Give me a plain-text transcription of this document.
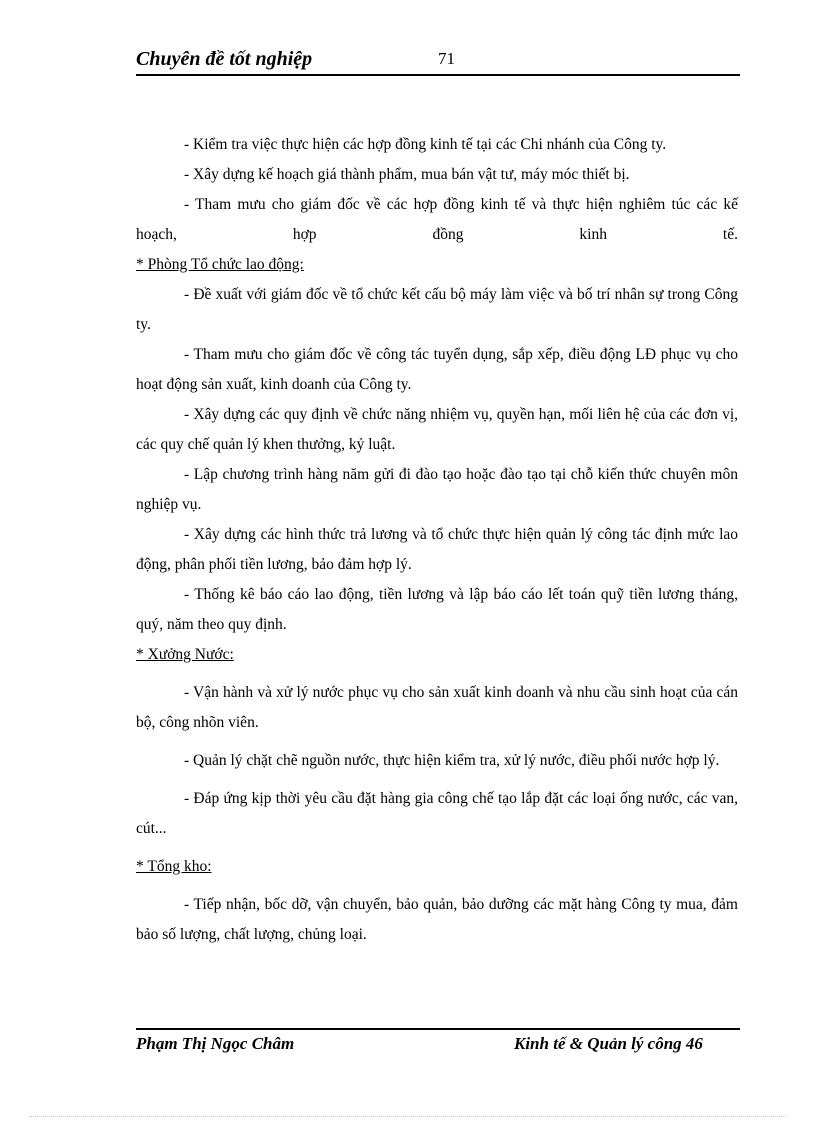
Chuyên đề tốt nghiệp	71

- Kiểm tra việc thực hiện các hợp đồng kinh tế tại các Chi nhánh của Công ty.

- Xây dựng kế hoạch giá thành phẩm, mua bán vật tư, máy móc thiết bị.

- Tham mưu cho giám đốc về các hợp đồng kinh tế và thực hiện nghiêm túc các kế hoạch, hợp đồng kinh tế.

* Phòng Tổ chức lao động:

- Đề xuất với giám đốc về tổ chức kết cấu bộ máy làm việc và bố trí nhân sự trong Công ty.

- Tham mưu cho giám đốc về công tác tuyển dụng, sắp xếp, điều động LĐ phục vụ cho hoạt động sản xuất, kinh doanh của Công ty.

- Xây dựng các quy định về chức năng nhiệm vụ, quyền hạn, mối liên hệ của các đơn vị, các quy chế quản lý khen thưởng, kỷ luật.

- Lập chương trình hàng năm gửi đi đào tạo hoặc đào tạo tại chỗ kiến thức chuyên môn nghiệp vụ.

- Xây dựng các hình thức trả lương và tổ chức thực hiện quản lý công tác định mức lao động, phân phối tiền lương, bảo đảm hợp lý.

- Thống kê báo cáo lao động, tiền lương và lập báo cáo lết toán quỹ tiền lương tháng, quý, năm theo quy định.

* Xưởng Nước:

- Vận hành và xử lý nước phục vụ cho sản xuất kinh doanh và nhu cầu sinh hoạt của cán bộ, công nhõn viên.

- Quản lý chặt chẽ nguồn nước, thực hiện kiểm tra, xử lý nước, điều phối nước hợp lý.

- Đáp ứng kịp thời yêu cầu đặt hàng gia công chế tạo lắp đặt các loại ống nước, các van, cút...

* Tổng kho:

- Tiếp nhận, bốc dỡ, vận chuyển, bảo quản, bảo dưỡng các mặt hàng Công ty mua, đảm bảo số lượng, chất lượng, chủng loại.

Phạm Thị Ngọc Châm	Kinh tế & Quản lý công 46
